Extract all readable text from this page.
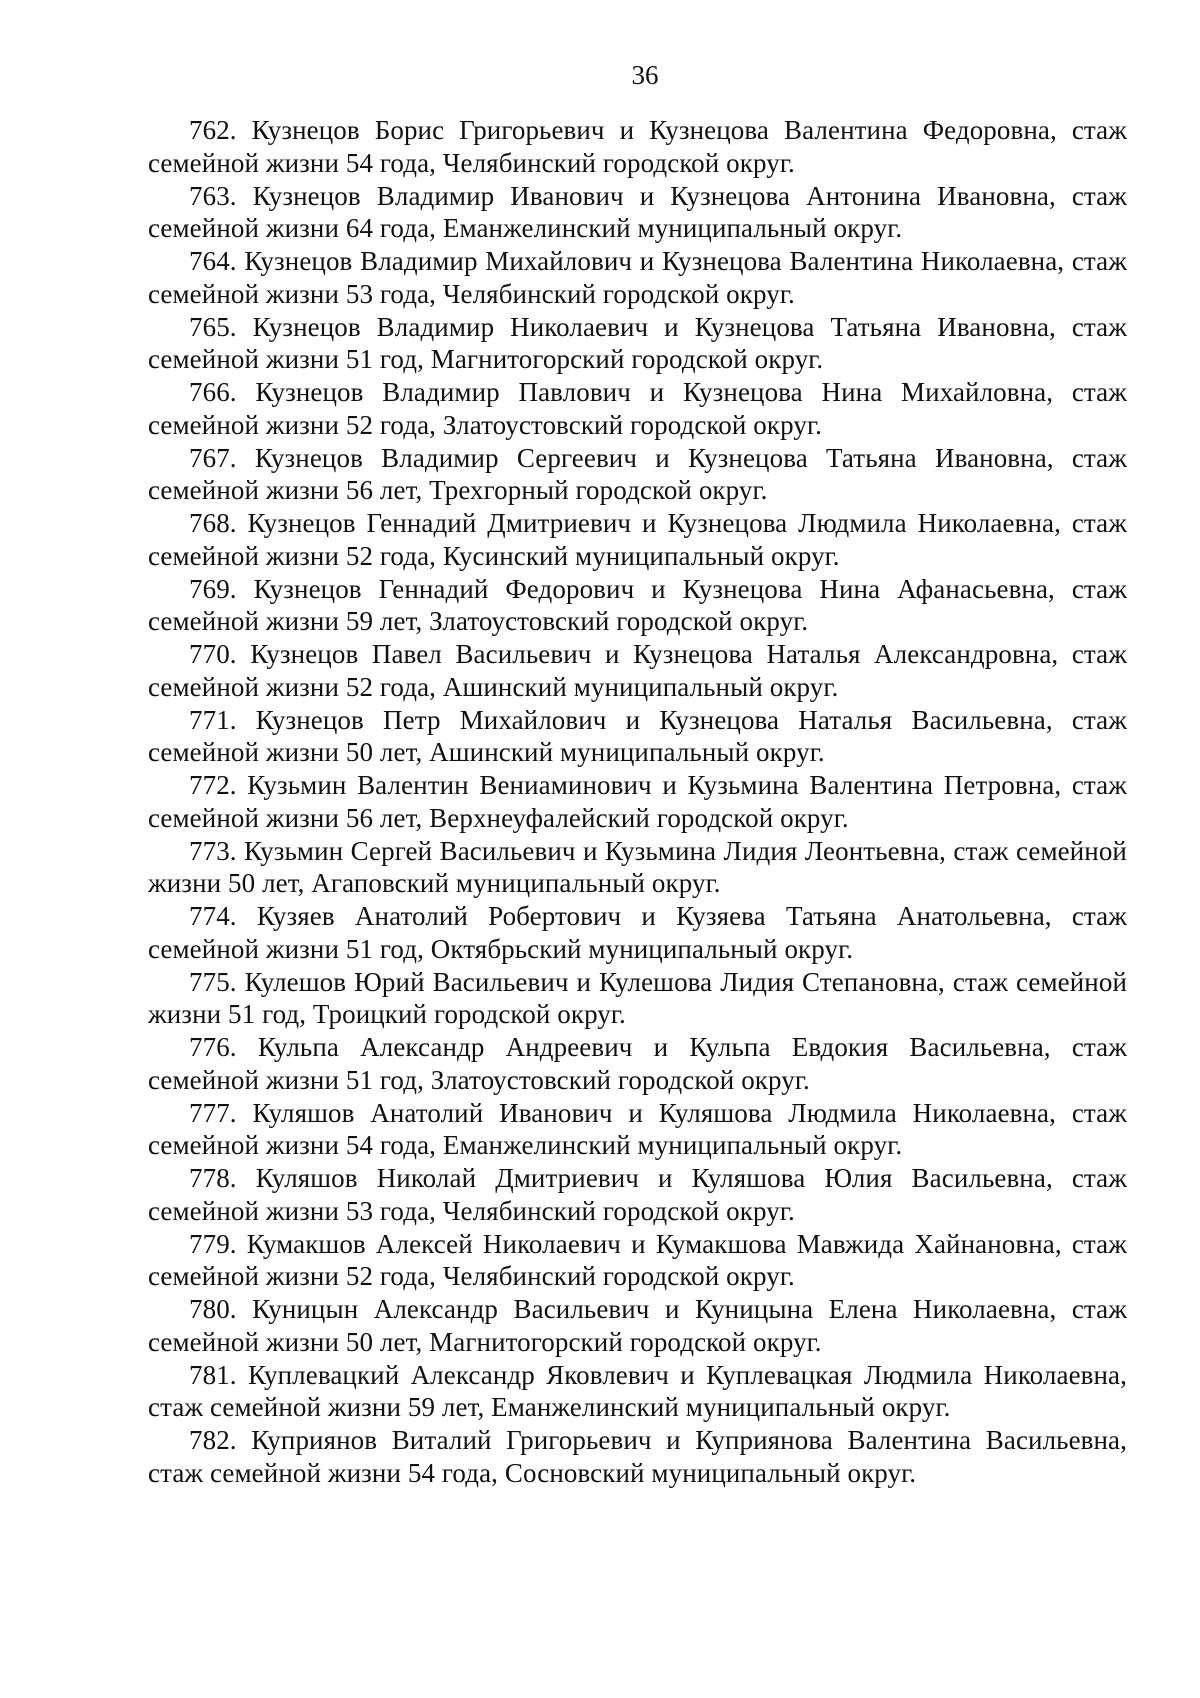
36

762. Кузнецов Борис Григорьевич и Кузнецова Валентина Федоровна, стаж семейной жизни 54 года, Челябинский городской округ.

763. Кузнецов Владимир Иванович и Кузнецова Антонина Ивановна, стаж семейной жизни 64 года, Еманжелинский муниципальный округ.

764. Кузнецов Владимир Михайлович и Кузнецова Валентина Николаевна, стаж семейной жизни 53 года, Челябинский городской округ.

765. Кузнецов Владимир Николаевич и Кузнецова Татьяна Ивановна, стаж семейной жизни 51 год, Магнитогорский городской округ.

766. Кузнецов Владимир Павлович и Кузнецова Нина Михайловна, стаж семейной жизни 52 года, Златоустовский городской округ.

767. Кузнецов Владимир Сергеевич и Кузнецова Татьяна Ивановна, стаж семейной жизни 56 лет, Трехгорный городской округ.

768. Кузнецов Геннадий Дмитриевич и Кузнецова Людмила Николаевна, стаж семейной жизни 52 года, Кусинский муниципальный округ.

769. Кузнецов Геннадий Федорович и Кузнецова Нина Афанасьевна, стаж семейной жизни 59 лет, Златоустовский городской округ.

770. Кузнецов Павел Васильевич и Кузнецова Наталья Александровна, стаж семейной жизни 52 года, Ашинский муниципальный округ.

771. Кузнецов Петр Михайлович и Кузнецова Наталья Васильевна, стаж семейной жизни 50 лет, Ашинский муниципальный округ.

772. Кузьмин Валентин Вениаминович и Кузьмина Валентина Петровна, стаж семейной жизни 56 лет, Верхнеуфалейский городской округ.

773. Кузьмин Сергей Васильевич и Кузьмина Лидия Леонтьевна, стаж семейной жизни 50 лет, Агаповский муниципальный округ.

774. Кузяев Анатолий Робертович и Кузяева Татьяна Анатольевна, стаж семейной жизни 51 год, Октябрьский муниципальный округ.

775. Кулешов Юрий Васильевич и Кулешова Лидия Степановна, стаж семейной жизни 51 год, Троицкий городской округ.

776. Кульпа Александр Андреевич и Кульпа Евдокия Васильевна, стаж семейной жизни 51 год, Златоустовский городской округ.

777. Куляшов Анатолий Иванович и Куляшова Людмила Николаевна, стаж семейной жизни 54 года, Еманжелинский муниципальный округ.

778. Куляшов Николай Дмитриевич и Куляшова Юлия Васильевна, стаж семейной жизни 53 года, Челябинский городской округ.

779. Кумакшов Алексей Николаевич и Кумакшова Мавжида Хайнановна, стаж семейной жизни 52 года, Челябинский городской округ.

780. Куницын Александр Васильевич и Куницына Елена Николаевна, стаж семейной жизни 50 лет, Магнитогорский городской округ.

781. Куплевацкий Александр Яковлевич и Куплевацкая Людмила Николаевна, стаж семейной жизни 59 лет, Еманжелинский муниципальный округ.

782. Куприянов Виталий Григорьевич и Куприянова Валентина Васильевна, стаж семейной жизни 54 года, Сосновский муниципальный округ.
